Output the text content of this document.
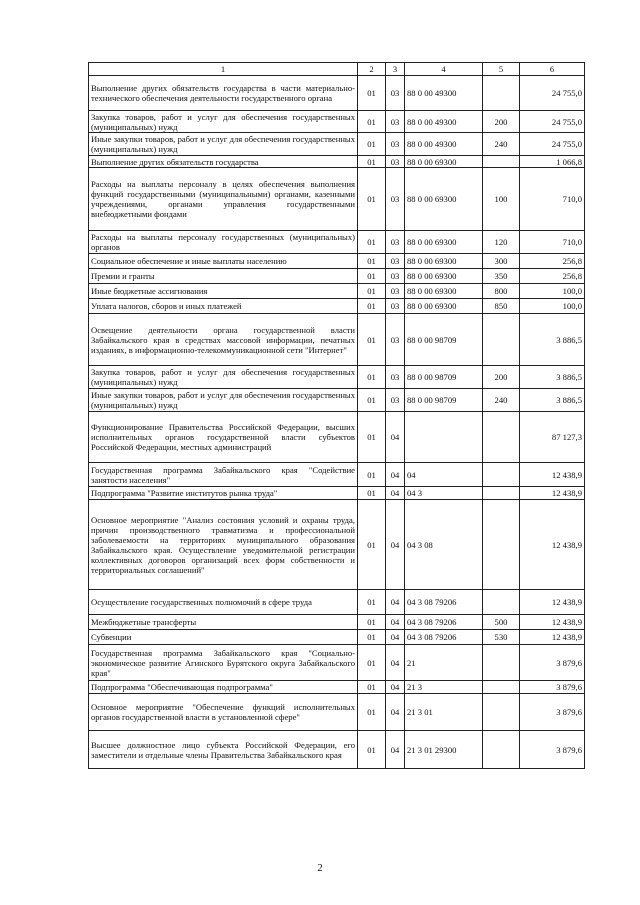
1	2	3	4	5	6
Выполнение других обязательств государства в части материально-технического обеспечения деятельности государственного органа	01	03	88 0 00 49300		24 755,0
Закупка товаров, работ и услуг для обеспечения государственных (муниципальных) нужд	01	03	88 0 00 49300	200	24 755,0
Иные закупки товаров, работ и услуг для обеспечения государственных (муниципальных) нужд	01	03	88 0 00 49300	240	24 755,0
Выполнение других обязательств государства	01	03	88 0 00 69300		1 066,8
Расходы на выплаты персоналу в целях обеспечения выполнения функций государственными (муниципальными) органами, казенными учреждениями, органами управления государственными внебюджетными фондами	01	03	88 0 00 69300	100	710,0
Расходы на выплаты персоналу государственных (муниципальных) органов	01	03	88 0 00 69300	120	710,0
Социальное обеспечение и иные выплаты населению	01	03	88 0 00 69300	300	256,8
Премии и гранты	01	03	88 0 00 69300	350	256,8
Иные бюджетные ассигнования	01	03	88 0 00 69300	800	100,0
Уплата налогов, сборов и иных платежей	01	03	88 0 00 69300	850	100,0
Освещение деятельности органа государственной власти Забайкальского края в средствах массовой информации, печатных изданиях, в информационно-телекоммуникационной сети "Интернет"	01	03	88 0 00 98709		3 886,5
Закупка товаров, работ и услуг для обеспечения государственных (муниципальных) нужд	01	03	88 0 00 98709	200	3 886,5
Иные закупки товаров, работ и услуг для обеспечения государственных (муниципальных) нужд	01	03	88 0 00 98709	240	3 886,5
Функционирование Правительства Российской Федерации, высших исполнительных органов государственной власти субъектов Российской Федерации, местных администраций	01	04			87 127,3
Государственная программа Забайкальского края "Содействие занятости населения"	01	04	04		12 438,9
Подпрограмма "Развитие институтов рынка труда"	01	04	04 3		12 438,9
Основное мероприятие "Анализ состояния условий и охраны труда, причин производственного травматизма и профессиональной заболеваемости на территориях муниципального образования Забайкальского края. Осуществление уведомительной регистрации коллективных договоров организаций всех форм собственности и территориальных соглашений"	01	04	04 3 08		12 438,9
Осуществление государственных полномочий в сфере труда	01	04	04 3 08 79206		12 438,9
Межбюджетные трансферты	01	04	04 3 08 79206	500	12 438,9
Субвенции	01	04	04 3 08 79206	530	12 438,9
Государственная программа Забайкальского края "Социально-экономическое развитие Агинского Бурятского округа Забайкальского края"	01	04	21		3 879,6
Подпрограмма "Обеспечивающая подпрограмма"	01	04	21 3		3 879,6
Основное мероприятие "Обеспечение функций исполнительных органов государственной власти в установленной сфере"	01	04	21 3 01		3 879,6
Высшее должностное лицо субъекта Российской Федерации, его заместители и отдельные члены Правительства Забайкальского края	01	04	21 3 01 29300		3 879,6
2
